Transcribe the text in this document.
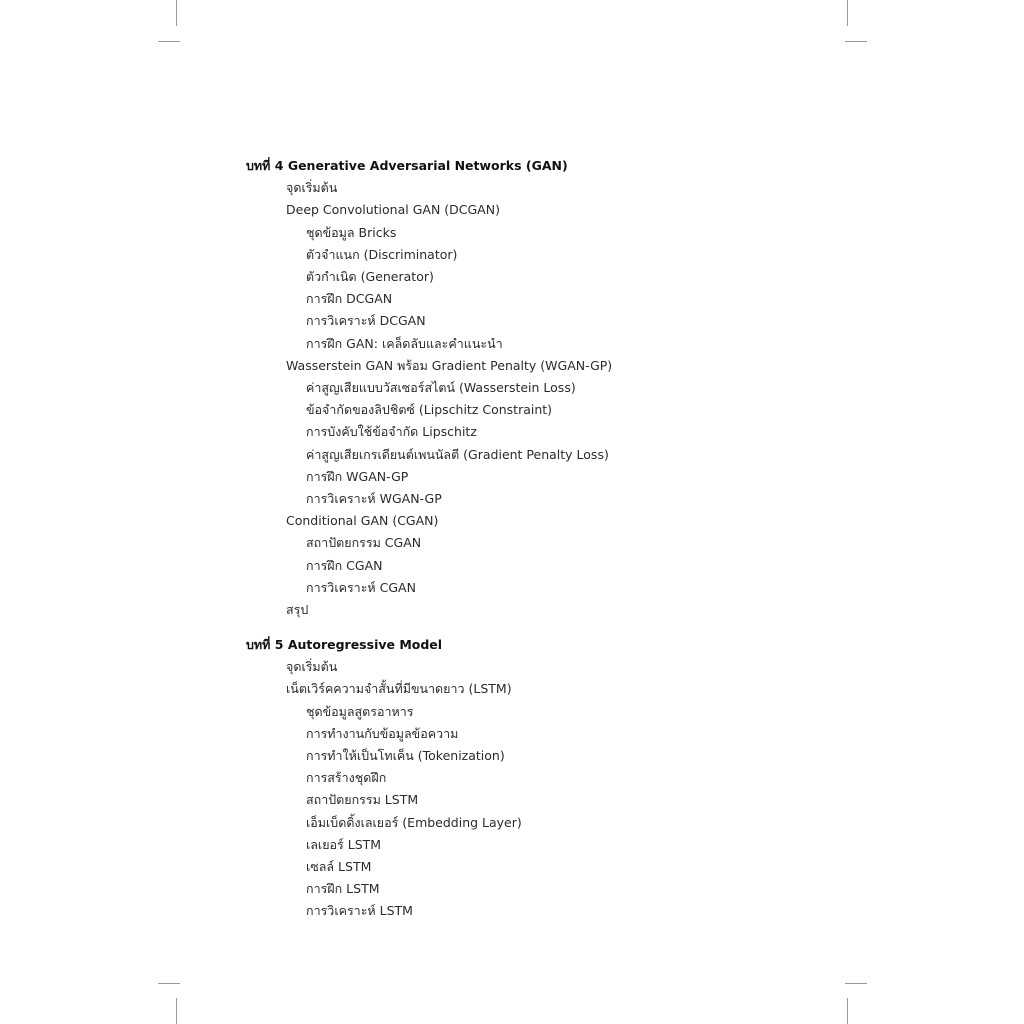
บทที่ 4 Generative Adversarial Networks (GAN)
จุดเริ่มต้น
Deep Convolutional GAN (DCGAN)
ชุดข้อมูล Bricks
ตัวจำแนก (Discriminator)
ตัวกำเนิด (Generator)
การฝึก DCGAN
การวิเคราะห์ DCGAN
การฝึก GAN: เคล็ดลับและคำแนะนำ
Wasserstein GAN พร้อม Gradient Penalty (WGAN-GP)
ค่าสูญเสียแบบวัสเซอร์สไตน์ (Wasserstein Loss)
ข้อจำกัดของลิปชิตซ์ (Lipschitz Constraint)
การบังคับใช้ข้อจำกัด Lipschitz
ค่าสูญเสียเกรเดียนต์เพนนัลตี (Gradient Penalty Loss)
การฝึก WGAN-GP
การวิเคราะห์ WGAN-GP
Conditional GAN (CGAN)
สถาปัตยกรรม CGAN
การฝึก CGAN
การวิเคราะห์ CGAN
สรุป
บทที่ 5 Autoregressive Model
จุดเริ่มต้น
เน็ตเวิร์คความจำสั้นที่มีขนาดยาว (LSTM)
ชุดข้อมูลสูตรอาหาร
การทำงานกับข้อมูลข้อความ
การทำให้เป็นโทเค็น (Tokenization)
การสร้างชุดฝึก
สถาปัตยกรรม LSTM
เอ็มเบ็ดดิ้งเลเยอร์ (Embedding Layer)
เลเยอร์ LSTM
เซลล์ LSTM
การฝึก LSTM
การวิเคราะห์ LSTM
